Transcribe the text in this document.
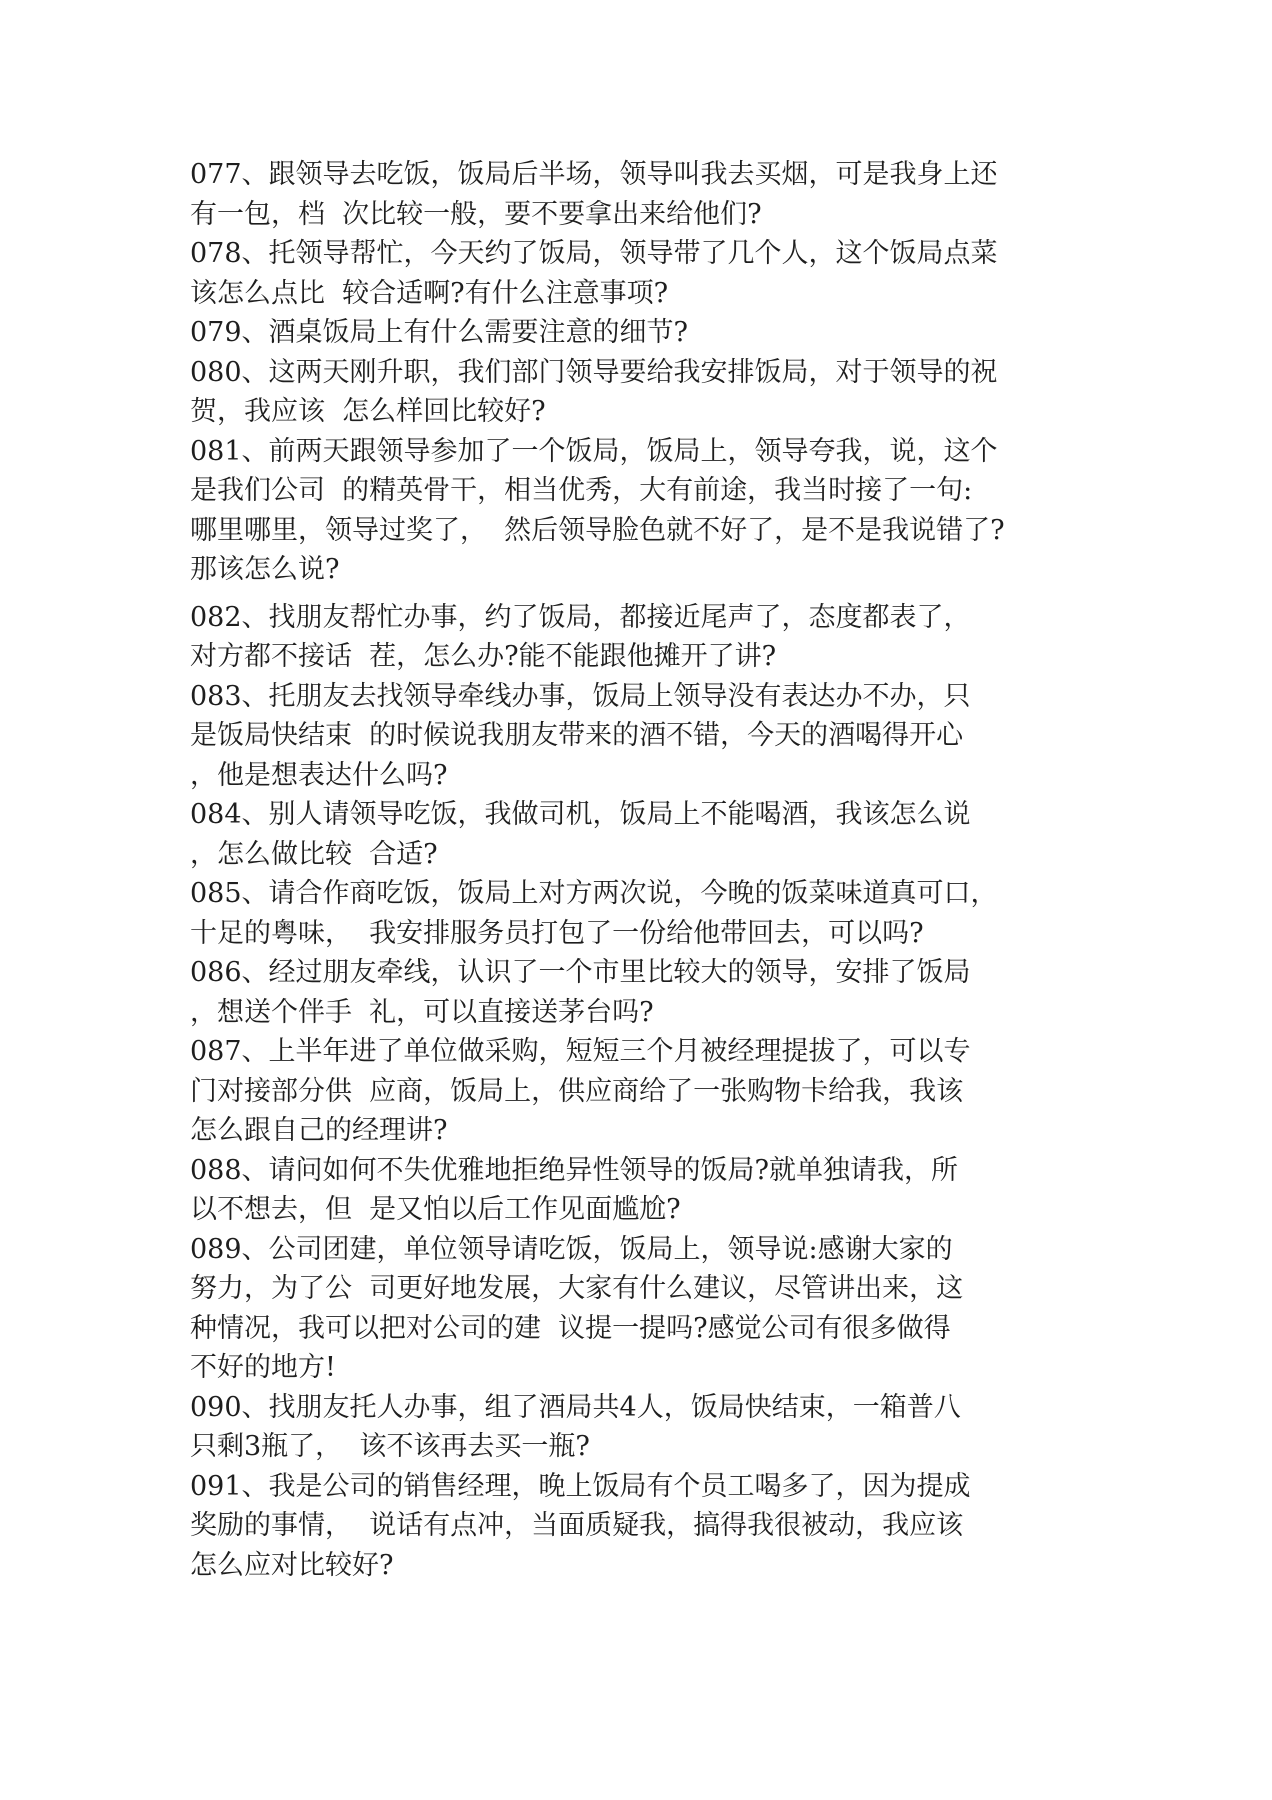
077、跟领导去吃饭，饭局后半场，领导叫我去买烟，可是我身上还
有一包，档  次比较一般，要不要拿出来给他们?
078、托领导帮忙，今天约了饭局，领导带了几个人，这个饭局点菜
该怎么点比  较合适啊?有什么注意事项?
079、酒桌饭局上有什么需要注意的细节?
080、这两天刚升职，我们部门领导要给我安排饭局，对于领导的祝
贺，我应该  怎么样回比较好?
081、前两天跟领导参加了一个饭局，饭局上，领导夸我，说，这个
是我们公司  的精英骨干，相当优秀，大有前途，我当时接了一句:
哪里哪里，领导过奖了，  然后领导脸色就不好了，是不是我说错了?
那该怎么说?
082、找朋友帮忙办事，约了饭局，都接近尾声了，态度都表了，
对方都不接话  茬，怎么办?能不能跟他摊开了讲?
083、托朋友去找领导牵线办事，饭局上领导没有表达办不办，只
是饭局快结束  的时候说我朋友带来的酒不错，今天的酒喝得开心
，他是想表达什么吗?
084、别人请领导吃饭，我做司机，饭局上不能喝酒，我该怎么说
，怎么做比较  合适?
085、请合作商吃饭，饭局上对方两次说，今晚的饭菜味道真可口，
十足的粤味，  我安排服务员打包了一份给他带回去，可以吗?
086、经过朋友牵线，认识了一个市里比较大的领导，安排了饭局
，想送个伴手  礼，可以直接送茅台吗?
087、上半年进了单位做采购，短短三个月被经理提拔了，可以专
门对接部分供  应商，饭局上，供应商给了一张购物卡给我，我该
怎么跟自己的经理讲?
088、请问如何不失优雅地拒绝异性领导的饭局?就单独请我，所
以不想去，但  是又怕以后工作见面尴尬?
089、公司团建，单位领导请吃饭，饭局上，领导说:感谢大家的
努力，为了公  司更好地发展，大家有什么建议，尽管讲出来，这
种情况，我可以把对公司的建  议提一提吗?感觉公司有很多做得
不好的地方!
090、找朋友托人办事，组了酒局共4人，饭局快结束，一箱普八
只剩3瓶了，  该不该再去买一瓶?
091、我是公司的销售经理，晚上饭局有个员工喝多了，因为提成
奖励的事情，  说话有点冲，当面质疑我，搞得我很被动，我应该
怎么应对比较好?
